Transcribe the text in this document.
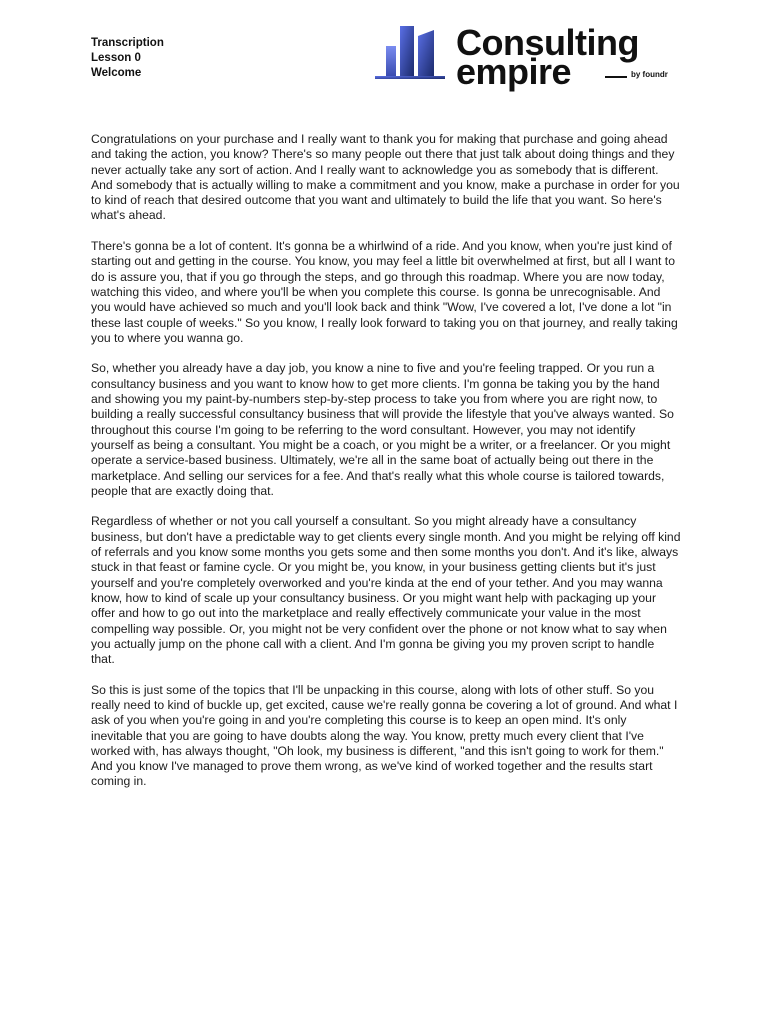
Transcription
Lesson 0
Welcome
Consulting
empire	by foundr

Congratulations on your purchase and I really want to thank you for making that purchase and going ahead and taking the action, you know? There's so many people out there that just talk about doing things and they never actually take any sort of action. And I really want to acknowledge you as somebody that is different. And somebody that is actually willing to make a commitment and you know, make a purchase in order for you to kind of reach that desired outcome that you want and ultimately to build the life that you want. So here's what's ahead.

There's gonna be a lot of content. It's gonna be a whirlwind of a ride. And you know, when you're just kind of starting out and getting in the course. You know, you may feel a little bit overwhelmed at first, but all I want to do is assure you, that if you go through the steps, and go through this roadmap. Where you are now today, watching this video, and where you'll be when you complete this course. Is gonna be unrecognisable. And you would have achieved so much and you'll look back and think "Wow, I've covered a lot, I've done a lot "in these last couple of weeks." So you know, I really look forward to taking you on that journey, and really taking you to where you wanna go.

So, whether you already have a day job, you know a nine to five and you're feeling trapped. Or you run a consultancy business and you want to know how to get more clients. I'm gonna be taking you by the hand and showing you my paint-by-numbers step-by-step process to take you from where you are right now, to building a really successful consultancy business that will provide the lifestyle that you've always wanted. So throughout this course I'm going to be referring to the word consultant. However, you may not identify yourself as being a consultant. You might be a coach, or you might be a writer, or a freelancer. Or you might operate a service-based business. Ultimately, we're all in the same boat of actually being out there in the marketplace. And selling our services for a fee. And that's really what this whole course is tailored towards, people that are exactly doing that.

Regardless of whether or not you call yourself a consultant. So you might already have a consultancy business, but don't have a predictable way to get clients every single month. And you might be relying off kind of referrals and you know some months you gets some and then some months you don't. And it's like, always stuck in that feast or famine cycle. Or you might be, you know, in your business getting clients but it's just yourself and you're completely overworked and you're kinda at the end of your tether. And you may wanna know, how to kind of scale up your consultancy business. Or you might want help with packaging up your offer and how to go out into the marketplace and really effectively communicate your value in the most compelling way possible. Or, you might not be very confident over the phone or not know what to say when you actually jump on the phone call with a client. And I'm gonna be giving you my proven script to handle that.

So this is just some of the topics that I'll be unpacking in this course, along with lots of other stuff. So you really need to kind of buckle up, get excited, cause we're really gonna be covering a lot of ground. And what I ask of you when you're going in and you're completing this course is to keep an open mind. It's only inevitable that you are going to have doubts along the way. You know, pretty much every client that I've worked with, has always thought, "Oh look, my business is different, "and this isn't going to work for them." And you know I've managed to prove them wrong, as we've kind of worked together and the results start coming in.
